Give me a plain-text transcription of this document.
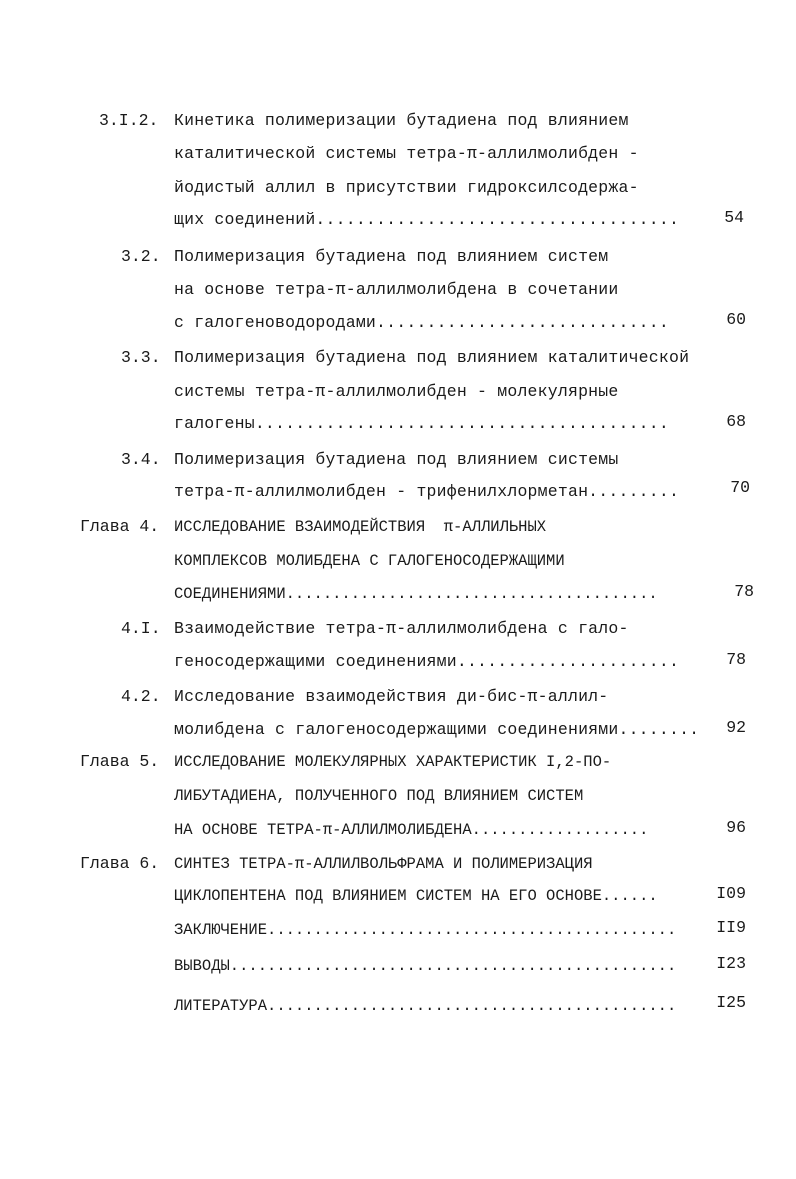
3.I.2. Кинетика полимеризации бутадиена под влиянием
каталитической системы тетра-π-аллилмолибден -
йодистый аллил в присутствии гидроксилсодержа-
щих соединений....................................	54
3.2. Полимеризация бутадиена под влиянием систем
на основе тетра-π-аллилмолибдена в сочетании
с галогеноводородами.............................	60
3.3. Полимеризация бутадиена под влиянием каталитической
системы тетра-π-аллилмолибден - молекулярные
галогены.........................................	68
3.4. Полимеризация бутадиена под влиянием системы
тетра-π-аллилмолибден - трифенилхлорметан.........	70
Глава 4. ИССЛЕДОВАНИЕ ВЗАИМОДЕЙСТВИЯ  π-АЛЛИЛЬНЫХ
КОМПЛЕКСОВ МОЛИБДЕНА С ГАЛОГЕНОСОДЕРЖАЩИМИ
СОЕДИНЕНИЯМИ........................................	78
4.I. Взаимодействие тетра-π-аллилмолибдена с гало-
геносодержащими соединениями......................	78
4.2. Исследование взаимодействия ди-бис-π-аллил-
молибдена с галогеносодержащими соединениями........	92
Глава 5. ИССЛЕДОВАНИЕ МОЛЕКУЛЯРНЫХ ХАРАКТЕРИСТИК I,2-ПО-
ЛИБУТАДИЕНА, ПОЛУЧЕННОГО ПОД ВЛИЯНИЕМ СИСТЕМ
НА ОСНОВЕ ТЕТРА-π-АЛЛИЛМОЛИБДЕНА...................	96
Глава 6. СИНТЕЗ ТЕТРА-π-АЛЛИЛВОЛЬФРАМА И ПОЛИМЕРИЗАЦИЯ
ЦИКЛОПЕНТЕНА ПОД ВЛИЯНИЕМ СИСТЕМ НА ЕГО ОСНОВЕ......	I09
ЗАКЛЮЧЕНИЕ............................................	II9
ВЫВОДЫ................................................	I23
ЛИТЕРАТУРА............................................	I25
